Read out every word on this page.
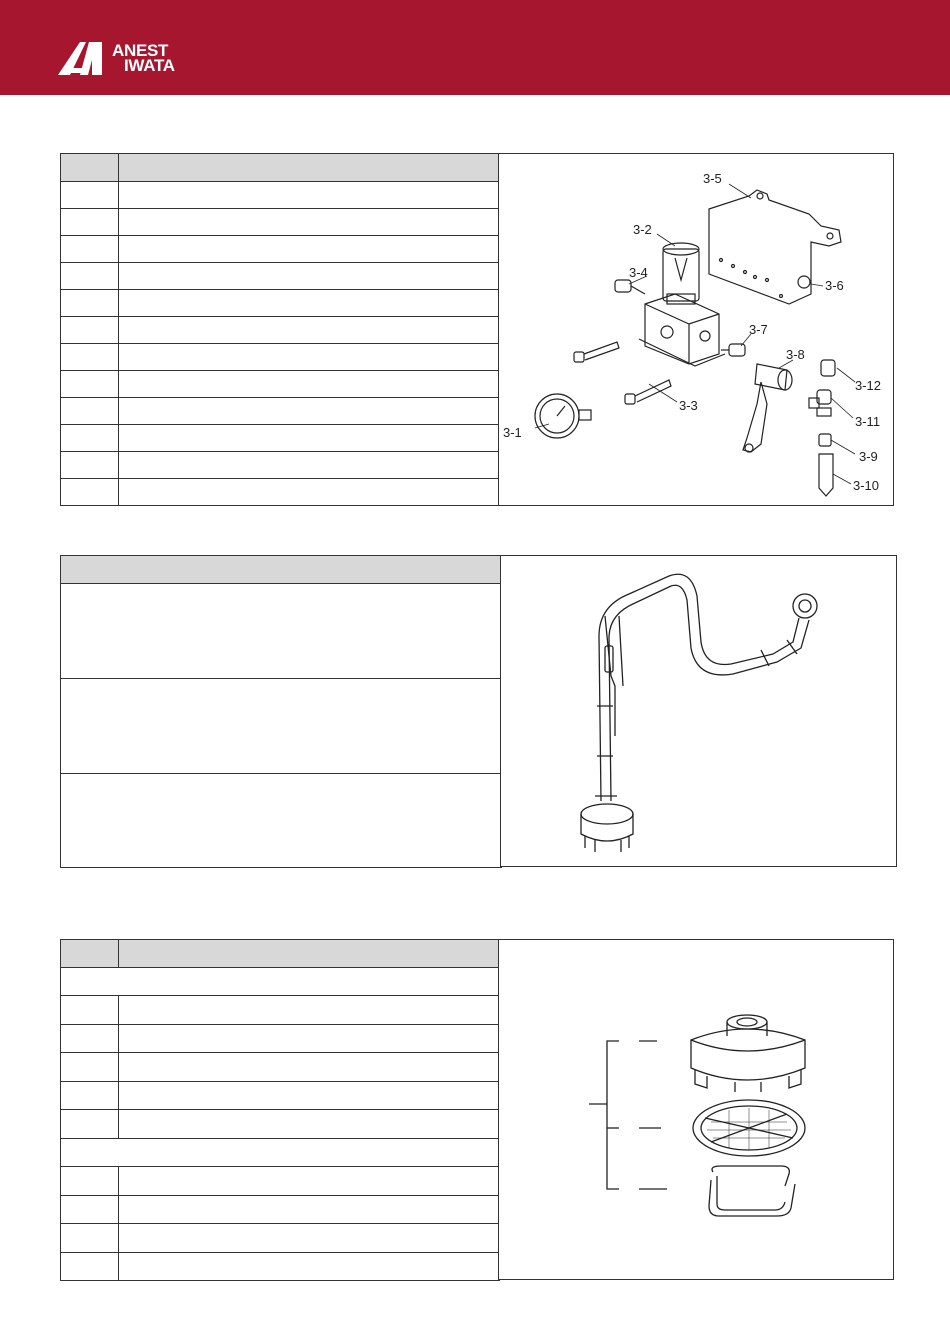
ANEST
IWATA

3-1
3-2
3-3
3-4
3-5
3-6
3-7
3-8
3-9
3-10
3-11
3-12
